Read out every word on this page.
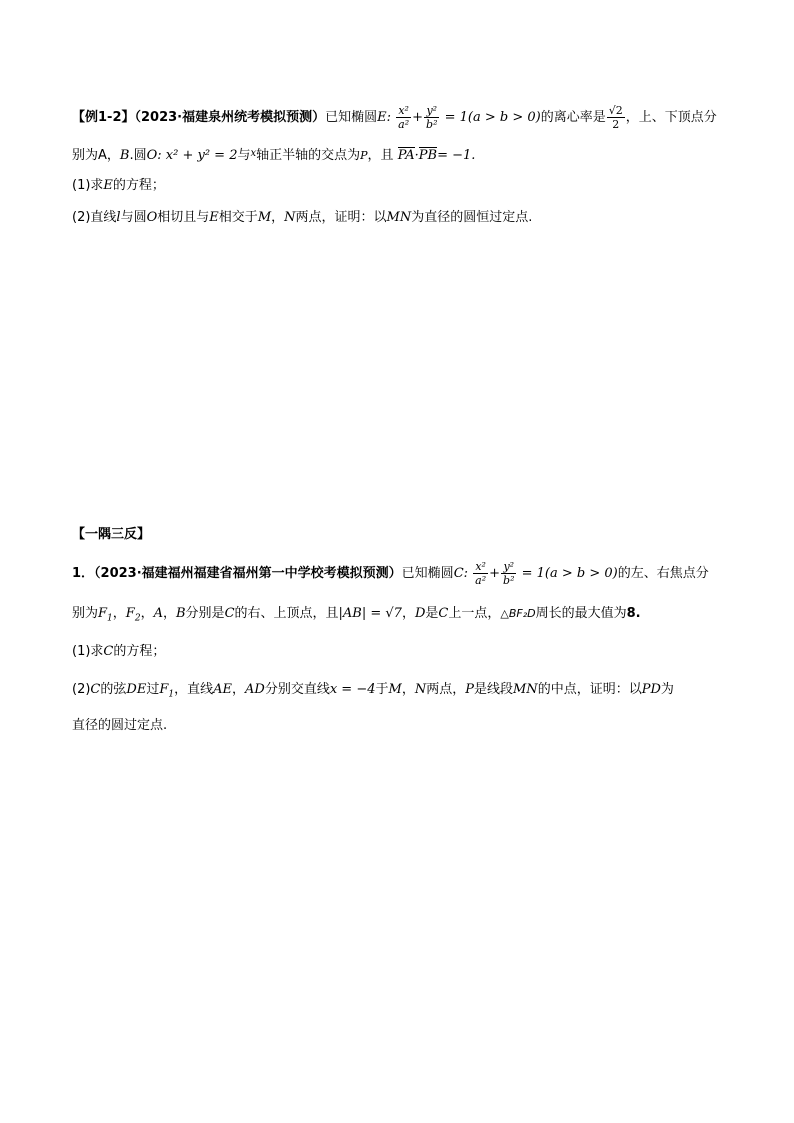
【例1-2】（2023·福建泉州统考模拟预测）已知椭圆E: $\frac{\text{x²}}{\text{a²}} + \frac{\text{y²}}{\text{b²}} = 1(a > b > 0)$的离心率是 $\frac{√2}{2}$ ，上、下顶点分
别为A，B.圆O: x² + y² = 2与$^x$轴正半轴的交点为P，且 PA·PB= −1.
(1)求E的方程；
(2)直线l与圆O相切且与E相交于M，N两点，证明：以MN为直径的圆恒过定点.
【一隅三反】
1．（2023·福建福州福建省福州第一中学校考模拟预测）已知椭圆C: $\frac{\text{x²}}{\text{a²}} + \frac{\text{y²}}{\text{b²}} = 1(a > b > 0)$的左、右焦点分
别为$F_1$，$F_2$，A，B分别是C的右、上顶点，且|AB| = √7，D是C上一点，△BF₂D周长的最大值为8.
(1)求C的方程；
(2)C的弦DE过$F_1$，直线AE，AD分别交直线x = −4于M，N两点，P是线段MN的中点，证明：以PD为
直径的圆过定点.
